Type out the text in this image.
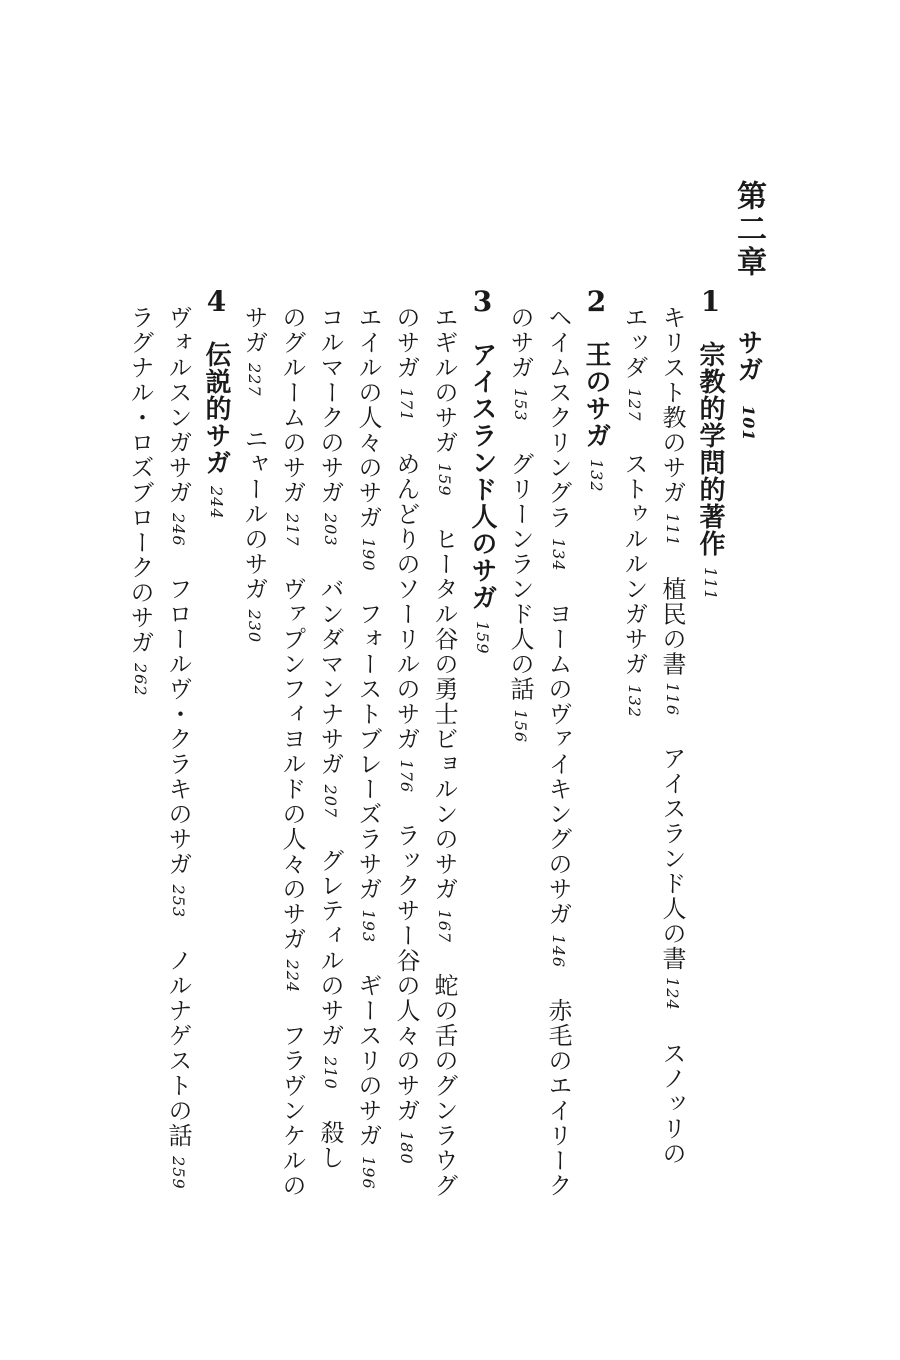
第二章
サガ101
1宗教的学問的著作111
キリスト教のサガ111植民の書116アイスランド人の書124スノッリの
エッダ127ストゥルルンガサガ132
2王のサガ132
ヘイムスクリングラ134ヨームのヴァイキングのサガ146赤毛のエイリーク
のサガ153グリーンランド人の話156
3アイスランド人のサガ159
エギルのサガ159ヒータル谷の勇士ビョルンのサガ167蛇の舌のグンラウグ
のサガ171めんどりのソーリルのサガ176ラックサー谷の人々のサガ180
エイルの人々のサガ190フォーストブレーズラサガ193ギースリのサガ196
コルマークのサガ203バンダマンナサガ207グレティルのサガ210殺し
のグルームのサガ217ヴァプンフィヨルドの人々のサガ224フラヴンケルの
サガ227ニャールのサガ230
4伝説的サガ244
ヴォルスンガサガ246フロールヴ・クラキのサガ253ノルナゲストの話259
ラグナル・ロズブロークのサガ262
